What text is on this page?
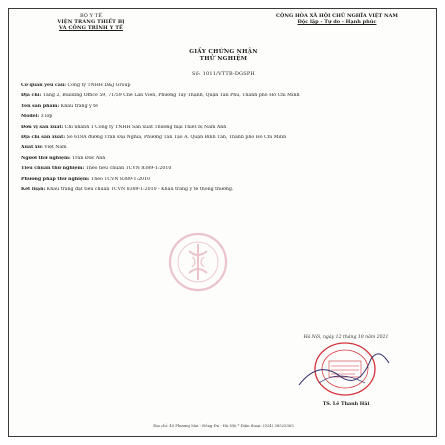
BỘ Y TẾ
VIỆN TRANG THIẾT BỊ
VÀ CÔNG TRÌNH Y TẾ
CỘNG HÒA XÃ HỘI CHỦ NGHĨA VIỆT NAM
Độc lập - Tự do - Hạnh phúc
GIẤY CHỨNG NHẬN
THỬ NGHIỆM
Số: 1011/VTTB-DGSPH
Cơ quan yêu cầu: Công ty TNHH D&J Group
Địa chỉ: Tầng 2, Building Office 59, 71/59 Chế Lan Viên, Phường Tây Thạnh, Quận Tân Phú, Thành phố Hồ Chí Minh
Tên sản phẩm: Khẩu trang y tế
Model: 3 lớp
Đơn vị sản xuất: Chi nhánh 1 Công ty TNHH Sản xuất Thương mại Thiết bị Nam Anh
Địa chỉ sản xuất: Số 618A đường Trần Đại Nghĩa, Phường Tân Tạo A, Quận Bình Tân, Thành phố Hồ Chí Minh
Xuất xứ: Việt Nam
Người thử nghiệm: Trần Đức Anh
Tiêu chuẩn thử nghiệm: Theo tiêu chuẩn TCVN 8389-1:2010
Phương pháp thử nghiệm: Theo TCVN 8389-1:2010
Kết luận: Khẩu trang đạt tiêu chuẩn TCVN 8389-1:2010 - Khẩu trang y tế thông thường.
Hà Nội, ngày 12 tháng 10 năm 2021
TS. Lê Thanh Hải
Địa chỉ: 40 Phương Mai - Đống Đa - Hà Nội * Điện thoại: (024) 38525365
